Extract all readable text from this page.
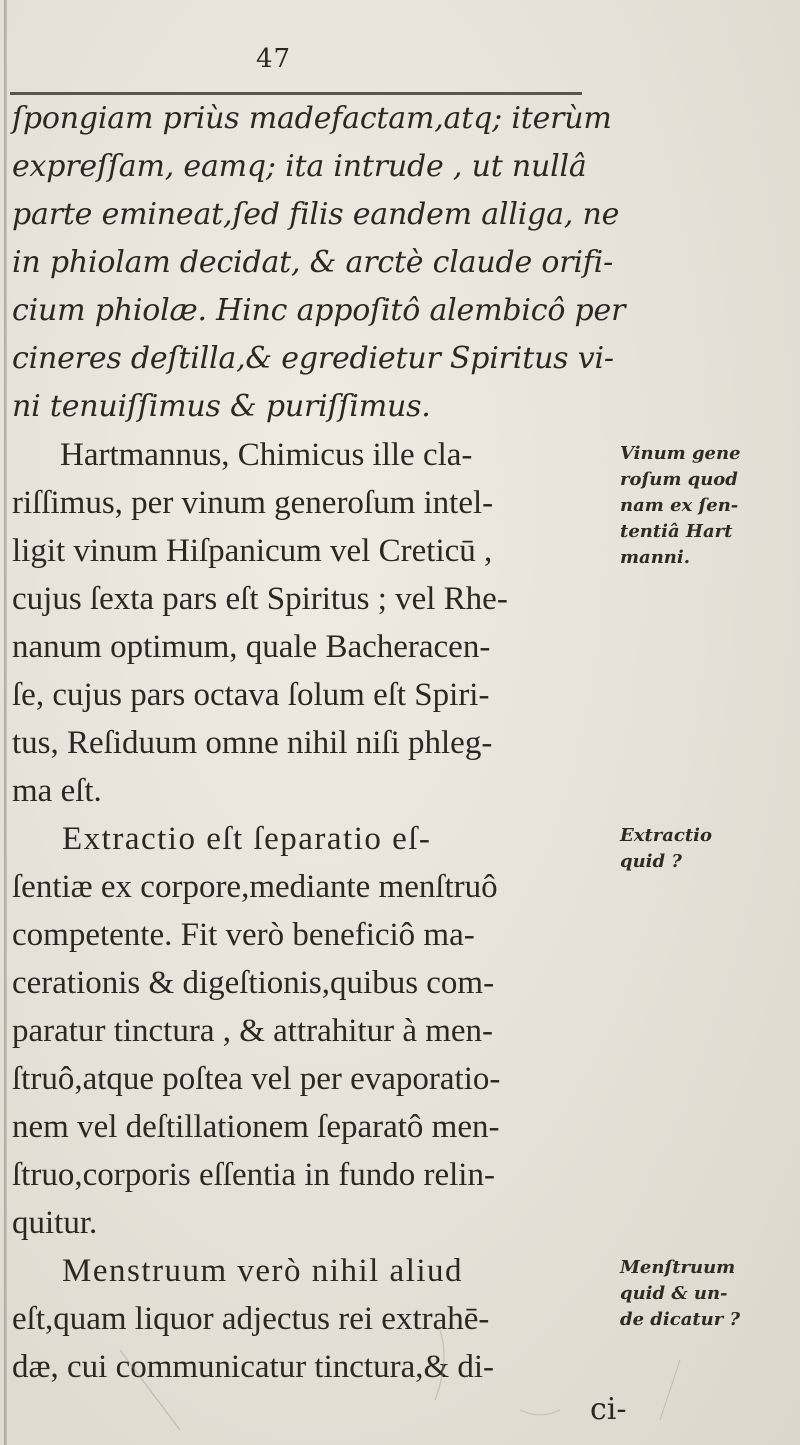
47
ſpongiam priùs madefactam,atq; iterùm
expreſſam, eamq; ita intrude , ut nullâ
parte emineat,ſed filis eandem alliga, ne
in phiolam decidat, & arctè claude orifi-
cium phiolæ. Hinc appoſitô alembicô per
cineres deſtilla,& egredietur Spiritus vi-
ni tenuiſſimus & puriſſimus.
Hartmannus, Chimicus ille cla-
riſſimus, per vinum generoſum intel-
ligit vinum Hiſpanicum vel Creticū ,
cujus ſexta pars eſt Spiritus ; vel Rhe-
nanum optimum, quale Bacheracen-
ſe, cujus pars octava ſolum eſt Spiri-
tus, Reſiduum omne nihil niſi phleg-
ma eſt.
Extractio eſt ſeparatio eſ-
ſentiæ ex corpore,mediante menſtruô
competente. Fit verò beneficiô ma-
cerationis & digeſtionis,quibus com-
paratur tinctura , & attrahitur à men-
ſtruô,atque poſtea vel per evaporatio-
nem vel deſtillationem ſeparatô men-
ſtruo,corporis eſſentia in fundo relin-
quitur.
Menstruum verò nihil aliud
eſt,quam liquor adjectus rei extrahē-
dæ, cui communicatur tinctura,& di-
ci-
Vinum gene
roſum quod
nam ex ſen-
tentiâ Hart
manni.
Extractio
quid ?
Menſtruum
quid & un-
de dicatur ?
